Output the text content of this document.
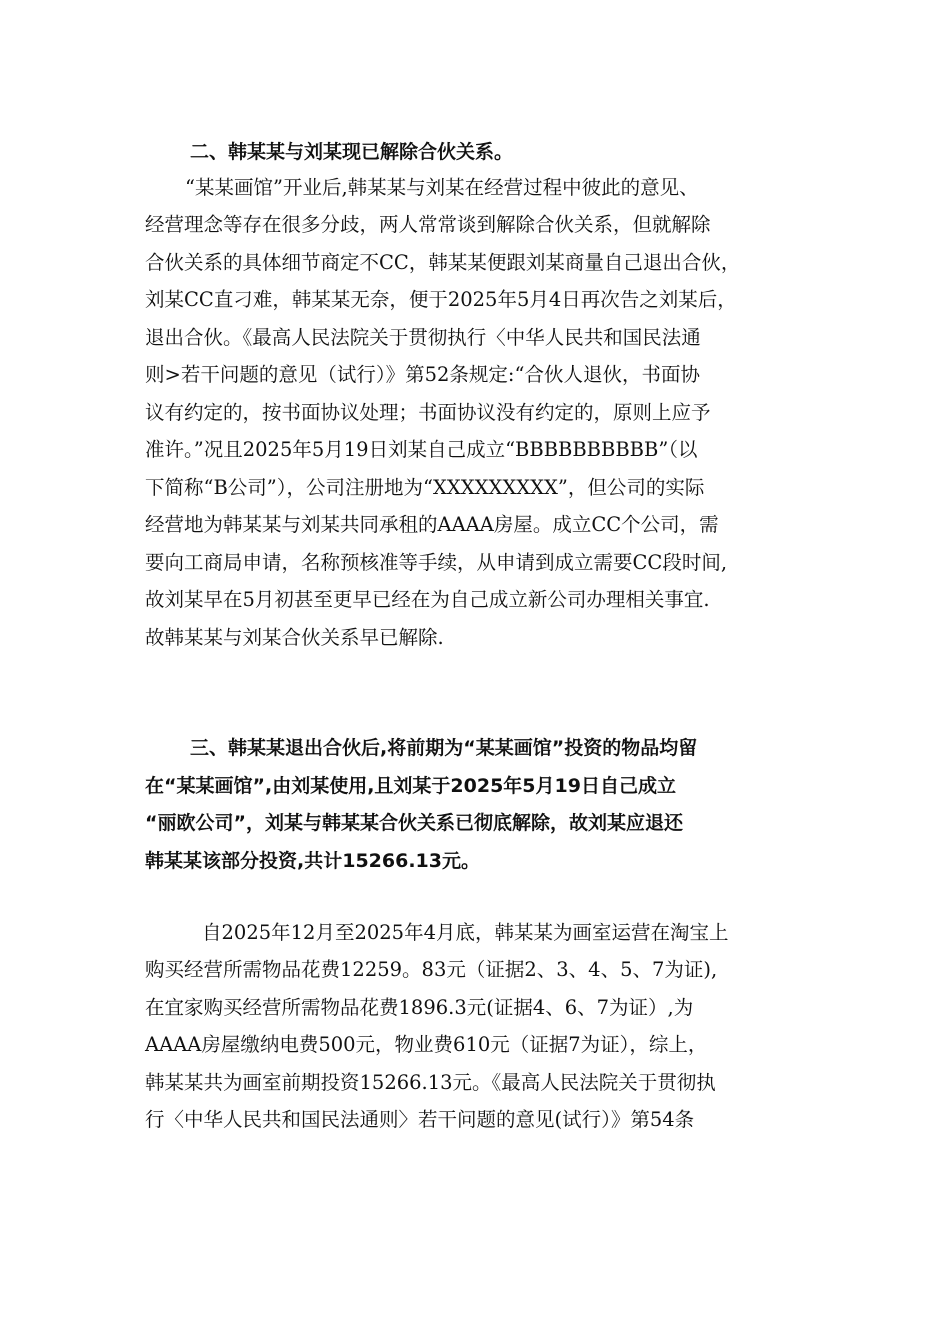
二、韩某某与刘某现已解除合伙关系。
“某某画馆”开业后,韩某某与刘某在经营过程中彼此的意见、
经营理念等存在很多分歧，两人常常谈到解除合伙关系，但就解除
合伙关系的具体细节商定不CC，韩某某便跟刘某商量自己退出合伙，
刘某CC直刁难，韩某某无奈，便于2025年5月4日再次告之刘某后，
退出合伙。《最高人民法院关于贯彻执行〈中华人民共和国民法通
则>若干问题的意见（试行）》第52条规定:“合伙人退伙，书面协
议有约定的，按书面协议处理；书面协议没有约定的，原则上应予
准许。”况且2025年5月19日刘某自己成立“BBBBBBBBBB”（以
下简称“B公司”），公司注册地为“XXXXXXXXX”，但公司的实际
经营地为韩某某与刘某共同承租的AAAA房屋。成立CC个公司，需
要向工商局申请，名称预核准等手续，从申请到成立需要CC段时间,
故刘某早在5月初甚至更早已经在为自己成立新公司办理相关事宜.
故韩某某与刘某合伙关系早已解除.
三、韩某某退出合伙后,将前期为“某某画馆”投资的物品均留
在“某某画馆”,由刘某使用,且刘某于2025年5月19日自己成立
“丽欧公司”，刘某与韩某某合伙关系已彻底解除，故刘某应退还
韩某某该部分投资,共计15266.13元。
自2025年12月至2025年4月底，韩某某为画室运营在淘宝上
购买经营所需物品花费12259。83元（证据2、3、4、5、7为证),
在宜家购买经营所需物品花费1896.3元(证据4、6、7为证）,为
AAAA房屋缴纳电费500元，物业费610元（证据7为证），综上，
韩某某共为画室前期投资15266.13元。《最高人民法院关于贯彻执
行〈中华人民共和国民法通则〉若干问题的意见(试行）》第54条
